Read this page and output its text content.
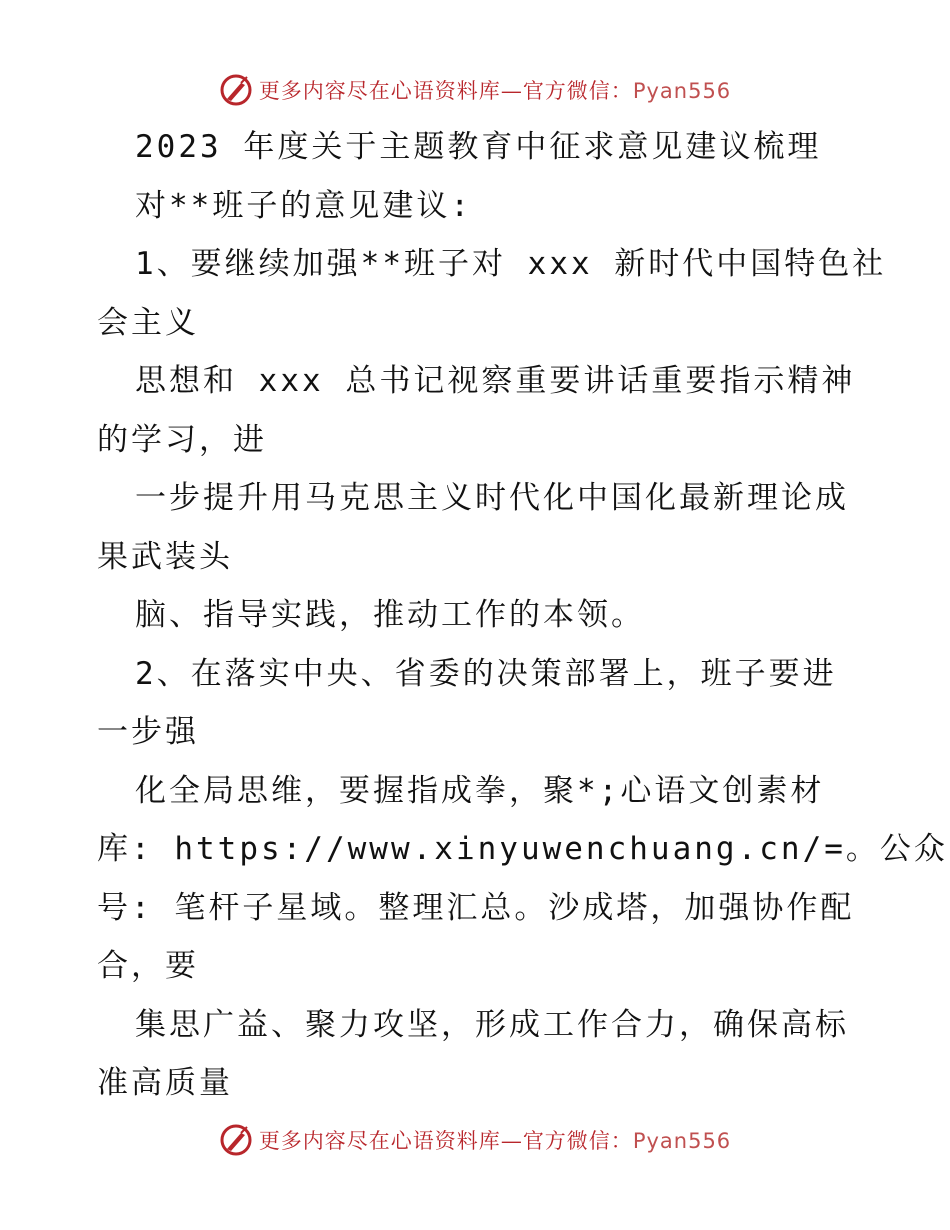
更多内容尽在心语资料库—官方微信：Pyan556
2023 年度关于主题教育中征求意见建议梳理
对**班子的意见建议:
1、要继续加强**班子对 xxx 新时代中国特色社
会主义
思想和 xxx 总书记视察重要讲话重要指示精神
的学习，进
一步提升用马克思主义时代化中国化最新理论成
果武装头
脑、指导实践，推动工作的本领。
2、在落实中央、省委的决策部署上，班子要进
一步强
化全局思维，要握指成拳，聚*;心语文创素材
库: https://www.xinyuwenchuang.cn/=。公众
号: 笔杆子星域。整理汇总。沙成塔，加强协作配
合，要
集思广益、聚力攻坚，形成工作合力，确保高标
准高质量
更多内容尽在心语资料库—官方微信：Pyan556
